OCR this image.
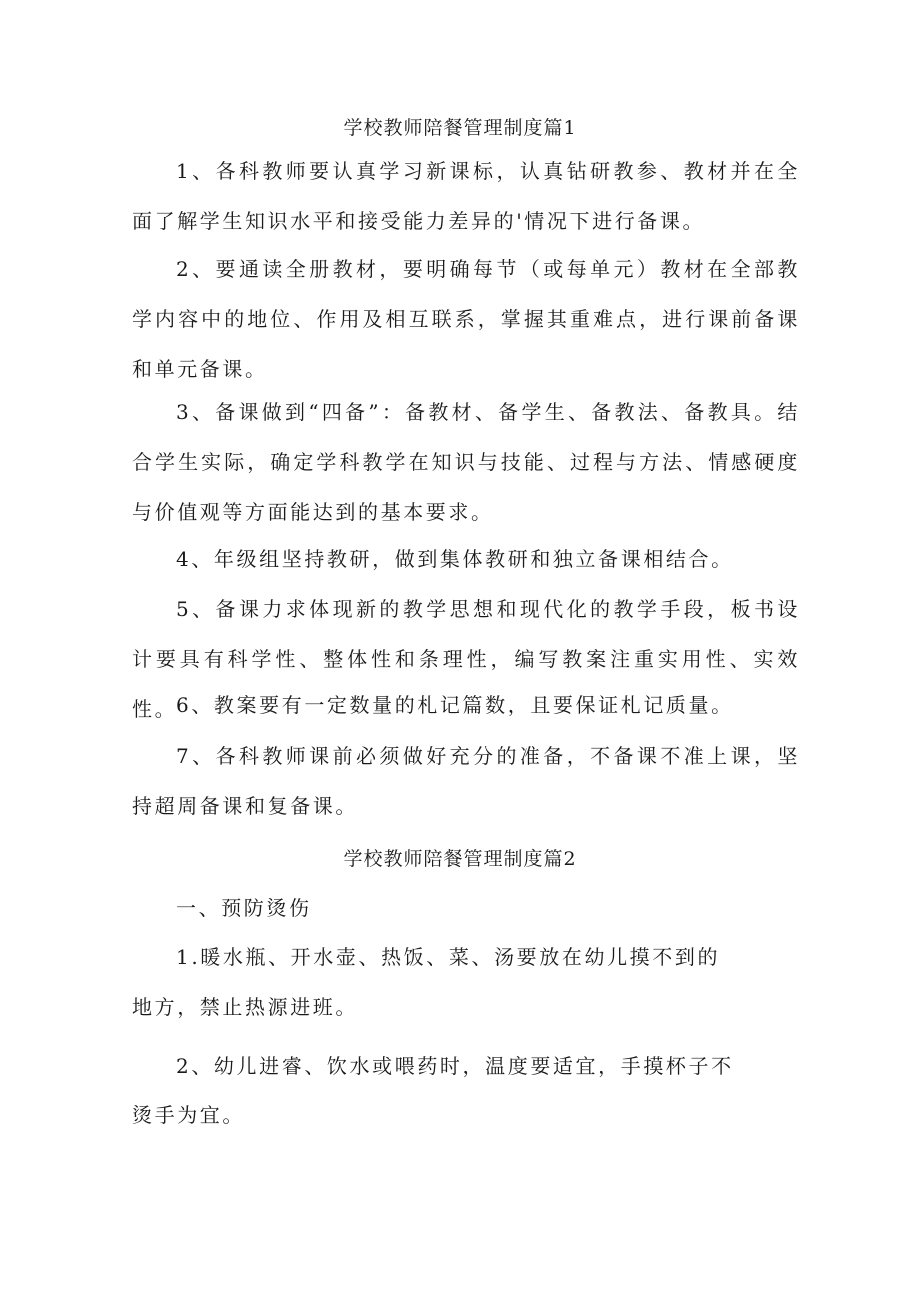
学校教师陪餐管理制度篇1

1、各科教师要认真学习新课标，认真钻研教参、教材并在全面了解学生知识水平和接受能力差异的'情况下进行备课。

2、要通读全册教材，要明确每节（或每单元）教材在全部教学内容中的地位、作用及相互联系，掌握其重难点，进行课前备课和单元备课。

3、备课做到“四备”：备教材、备学生、备教法、备教具。结合学生实际，确定学科教学在知识与技能、过程与方法、情感硬度与价值观等方面能达到的基本要求。

4、年级组坚持教研，做到集体教研和独立备课相结合。

5、备课力求体现新的教学思想和现代化的教学手段，板书设计要具有科学性、整体性和条理性，编写教案注重实用性、实效性。

6、教案要有一定数量的札记篇数，且要保证札记质量。

7、各科教师课前必须做好充分的准备，不备课不准上课，坚持超周备课和复备课。

学校教师陪餐管理制度篇2

一、预防烫伤

1.暖水瓶、开水壶、热饭、菜、汤要放在幼儿摸不到的

地方，禁止热源进班。

2、幼儿进睿、饮水或喂药时，温度要适宜，手摸杯子不

烫手为宜。
